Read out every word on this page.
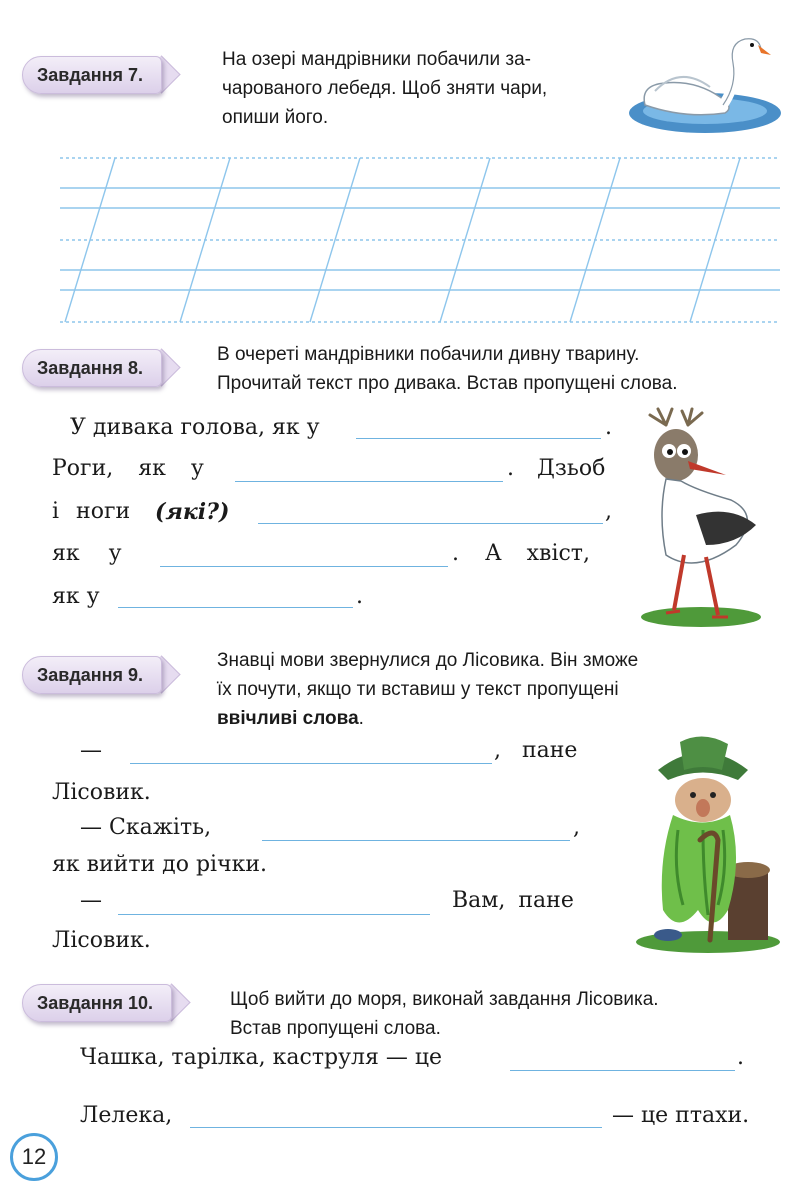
Завдання 7.
На озері мандрівники побачили за-
чарованого лебедя. Щоб зняти чари,
опиши його.
Завдання 8.
В очереті мандрівники побачили дивну тварину.
Прочитай текст про дивака. Встав пропущені слова.
У дивака голова, як у	.
Роги, як у	. Дзьоб
і ноги (які?)	,
як у	. А хвіст,
як у	.
Завдання 9.
Знавці мови звернулися до Лісовика. Він зможе
їх почути, якщо ти вставиш у текст пропущені
ввічливі слова.
—	, пане
Лісовик.
— Скажіть,	,
як вийти до річки.
—	Вам, пане
Лісовик.
Завдання 10.	Щоб вийти до моря, виконай завдання Лісовика.
Встав пропущені слова.
Чашка, тарілка, каструля — це	.
Лелека,	— це птахи.
12
